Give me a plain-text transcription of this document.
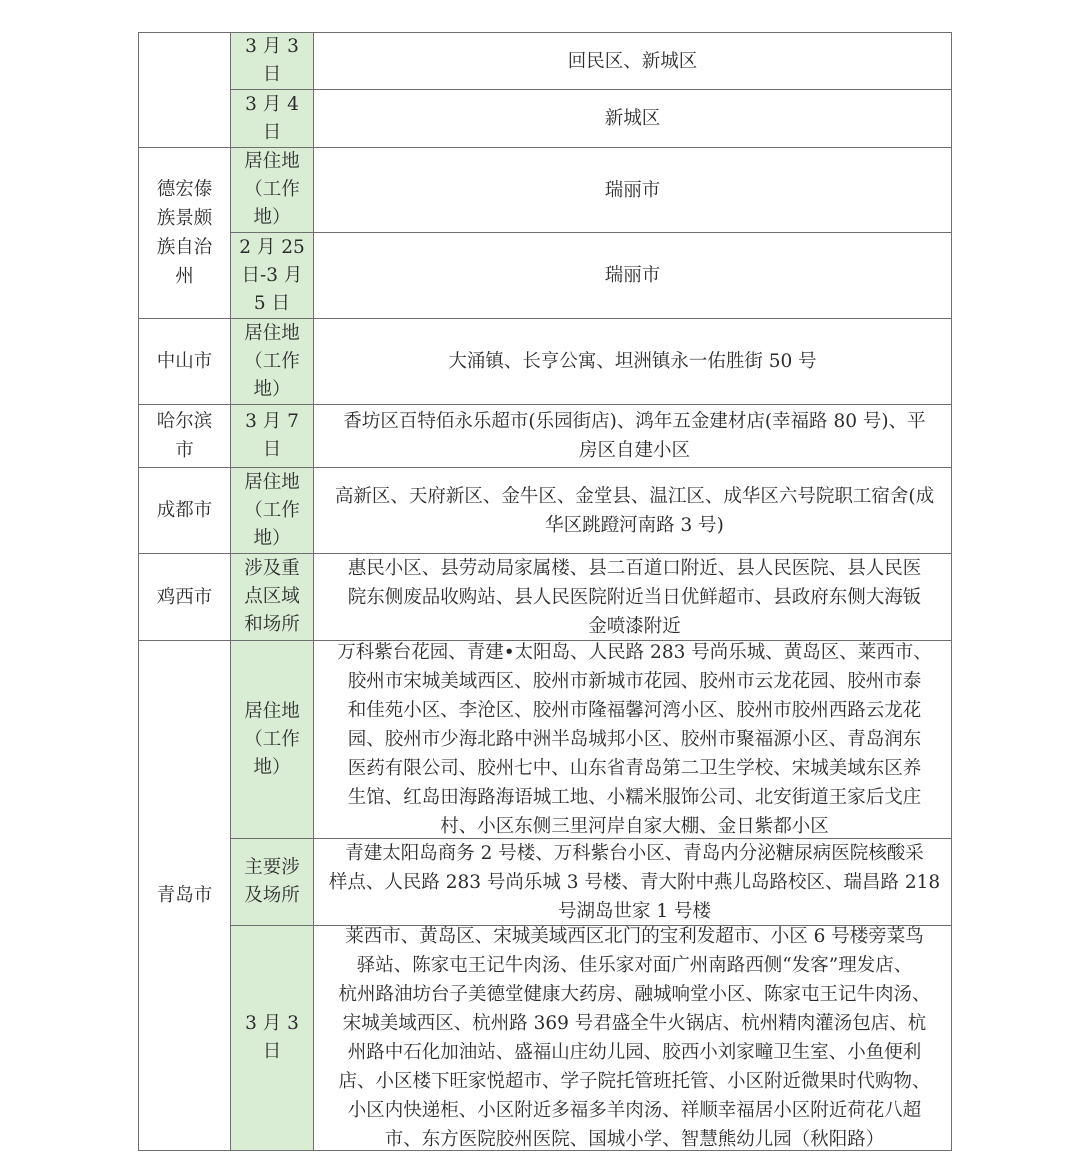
3 月 3
日
回民区、新城区
3 月 4
日
新城区
德宏傣
族景颇
族自治
州
居住地
（工作
地）
瑞丽市
2 月 25
日-3 月
5 日
瑞丽市
中山市
居住地
（工作
地）
大涌镇、长亨公寓、坦洲镇永一佑胜街 50 号
哈尔滨
市
3 月 7
日
香坊区百特佰永乐超市(乐园街店)、鸿年五金建材店(幸福路 80 号)、平
房区自建小区
成都市
居住地
（工作
地）
高新区、天府新区、金牛区、金堂县、温江区、成华区六号院职工宿舍(成
华区跳蹬河南路 3 号)
鸡西市
涉及重
点区域
和场所
惠民小区、县劳动局家属楼、县二百道口附近、县人民医院、县人民医
院东侧废品收购站、县人民医院附近当日优鲜超市、县政府东侧大海钣
金喷漆附近
青岛市
居住地
（工作
地）
万科紫台花园、青建•太阳岛、人民路 283 号尚乐城、黄岛区、莱西市、
胶州市宋城美域西区、胶州市新城市花园、胶州市云龙花园、胶州市泰
和佳苑小区、李沧区、胶州市隆福馨河湾小区、胶州市胶州西路云龙花
园、胶州市少海北路中洲半岛城邦小区、胶州市聚福源小区、青岛润东
医药有限公司、胶州七中、山东省青岛第二卫生学校、宋城美域东区养
生馆、红岛田海路海语城工地、小糯米服饰公司、北安街道王家后戈庄
村、小区东侧三里河岸自家大棚、金日紫都小区
主要涉
及场所
青建太阳岛商务 2 号楼、万科紫台小区、青岛内分泌糖尿病医院核酸采
样点、人民路 283 号尚乐城 3 号楼、青大附中燕儿岛路校区、瑞昌路 218
号湖岛世家 1 号楼
3 月 3
日
莱西市、黄岛区、宋城美域西区北门的宝利发超市、小区 6 号楼旁菜鸟
驿站、陈家屯王记牛肉汤、佳乐家对面广州南路西侧“发客”理发店、
杭州路油坊台子美德堂健康大药房、融城响堂小区、陈家屯王记牛肉汤、
宋城美域西区、杭州路 369 号君盛全牛火锅店、杭州精肉灌汤包店、杭
州路中石化加油站、盛福山庄幼儿园、胶西小刘家疃卫生室、小鱼便利
店、小区楼下旺家悦超市、学子院托管班托管、小区附近微果时代购物、
小区内快递柜、小区附近多福多羊肉汤、祥顺幸福居小区附近荷花八超
市、东方医院胶州医院、国城小学、智慧熊幼儿园（秋阳路）
